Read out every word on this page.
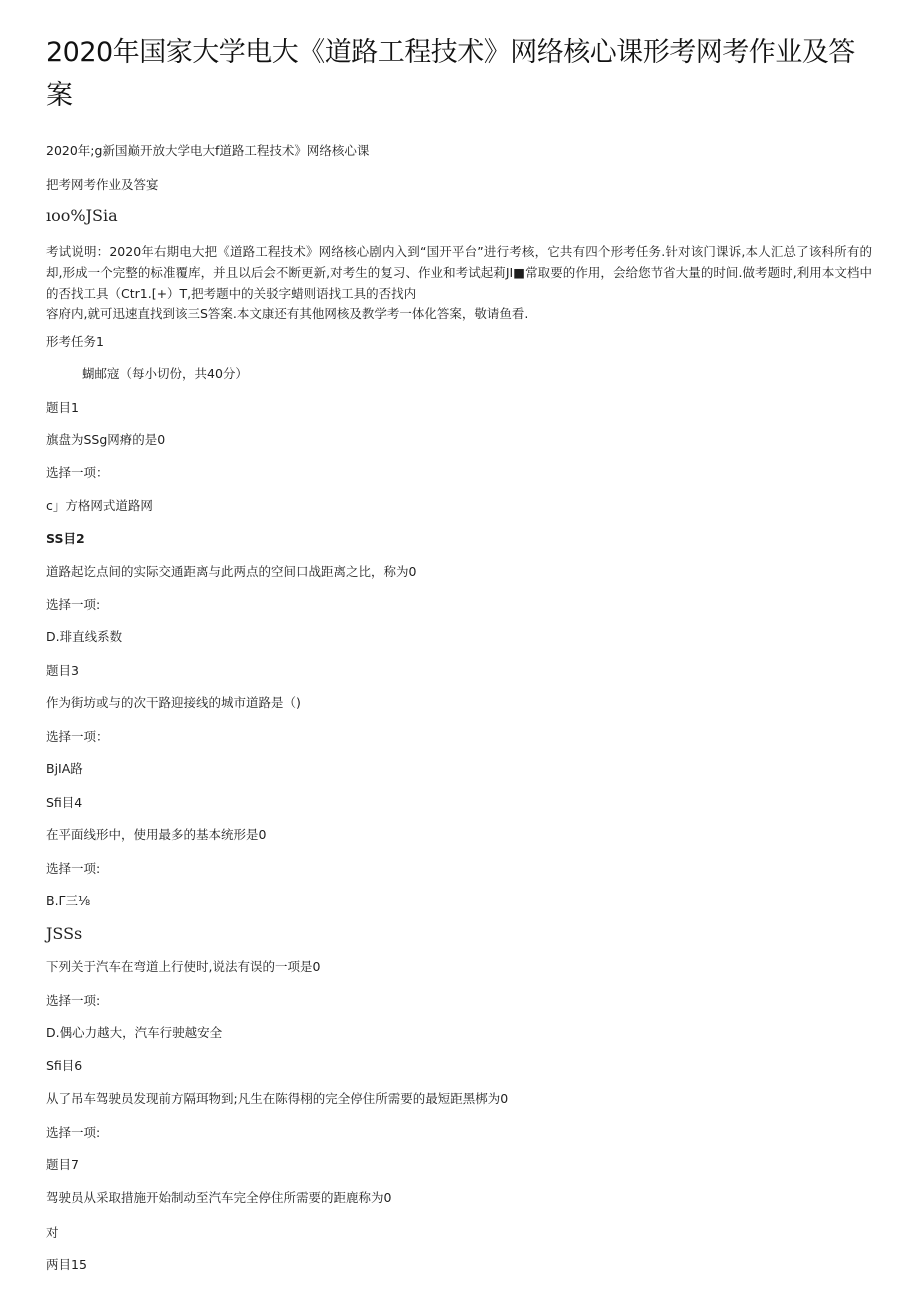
2020年国家大学电大《道路工程技术》网络核心课形考网考作业及答案
2020年;g新国巅开放大学电大f道路工程技术》网络核心课
把考网考作业及答宴
ıoo%JSia
考试说明：2020年右期电大把《道路工程技术》网络核心剧内入到“国开平台”进行考核，它共有四个形考任务.针对该门课诉,本人汇总了该科所有的却,形成一个完整的标准覆库，并且以后会不断更新,对考生的复习、作业和考试起莉JI■常取要的作用，会给您节省大量的时间.做考题时,利用本文档中的否找工具（Ctr1.[+）T,把考题中的关驳字蜡则语找工具的否找内
容府内,就可迅速直找到该三S答案.本文康还有其他网核及教学考一体化答案，敬请鱼看.
形考任务1
蝴邮寇（每小切份，共40分）
题目1
旗盘为SSg网瘠的是0
选择一项：
c」方格网式道路网
SS目2
道路起讫点间的实际交通距离与此两点的空间口战距离之比，称为0
选择一项:
D.琲直线系数
题目3
作为街坊或与的次干路迎接线的城市道路是（)
选择一项：
BjIA路
Sfi目4
在平面线形中，使用最多的基本统形是0
选择一项:
B.Γ三⅛
JSSs
下列关于汽车在弯道上行使时,说法有误的一项是0
选择一项:
D.偶心力越大，汽车行驶越安全
Sfi目6
从了吊车驾驶员发现前方隔珥物到;凡生在陈得栩的完全停住所需要的最短距黑梆为0
选择一项:
题目7
驾驶员从采取措施开始制动至汽车完全停住所需要的距鹿称为0
对
两目15
